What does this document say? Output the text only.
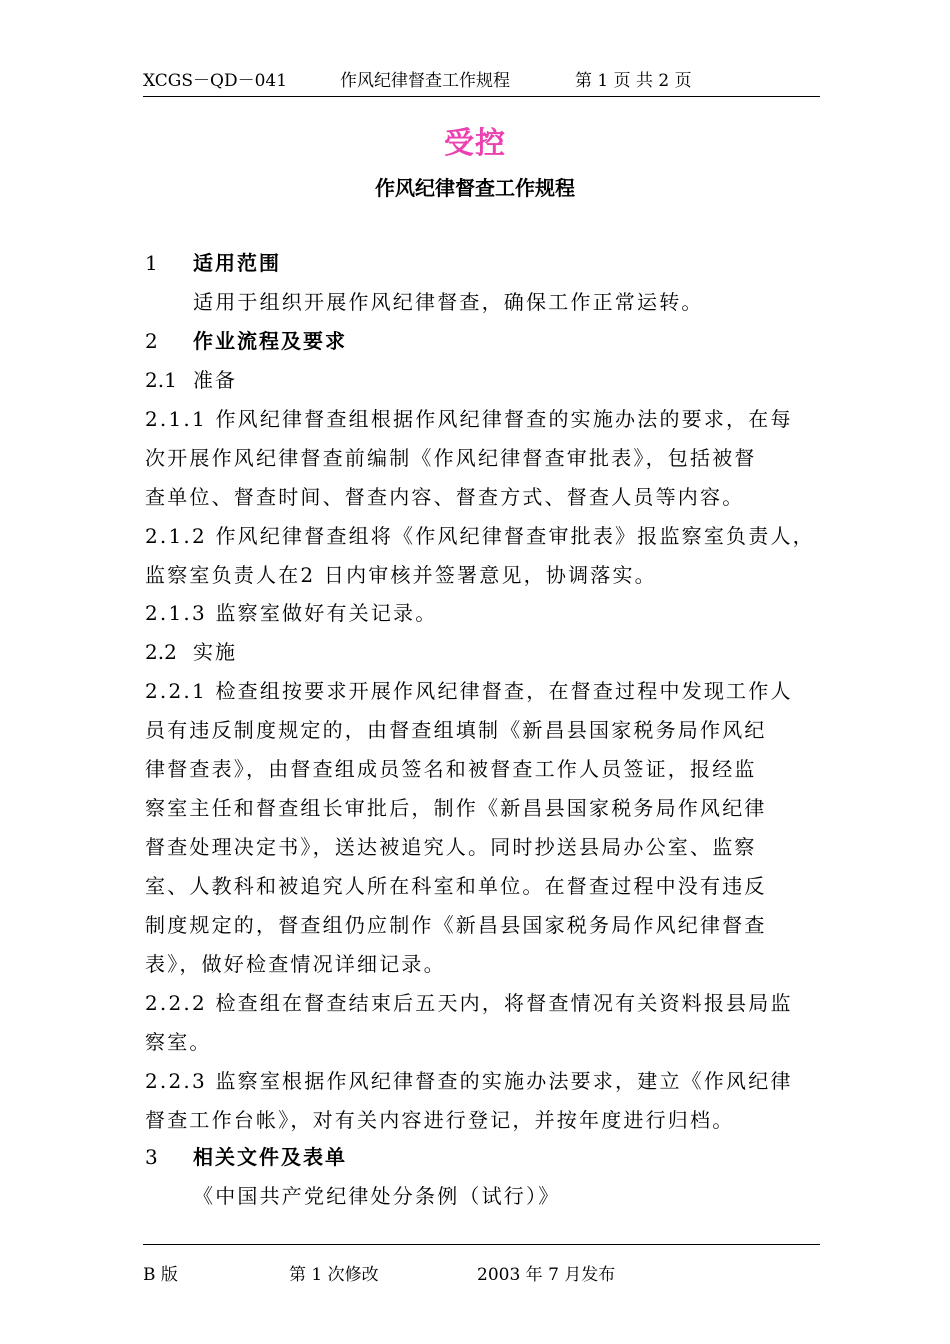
XCGS－QD－041	作风纪律督查工作规程	第 1 页 共 2 页
受控
作风纪律督查工作规程
1 适用范围
适用于组织开展作风纪律督查，确保工作正常运转。
2 作业流程及要求
2.1 准备
2.1.1 作风纪律督查组根据作风纪律督查的实施办法的要求，在每
次开展作风纪律督查前编制《作风纪律督查审批表》，包括被督
查单位、督查时间、督查内容、督查方式、督查人员等内容。
2.1.2 作风纪律督查组将《作风纪律督查审批表》报监察室负责人，
监察室负责人在2 日内审核并签署意见，协调落实。
2.1.3 监察室做好有关记录。
2.2 实施
2.2.1 检查组按要求开展作风纪律督查，在督查过程中发现工作人
员有违反制度规定的，由督查组填制《新昌县国家税务局作风纪
律督查表》，由督查组成员签名和被督查工作人员签证，报经监
察室主任和督查组长审批后，制作《新昌县国家税务局作风纪律
督查处理决定书》，送达被追究人。同时抄送县局办公室、监察
室、人教科和被追究人所在科室和单位。在督查过程中没有违反
制度规定的，督查组仍应制作《新昌县国家税务局作风纪律督查
表》，做好检查情况详细记录。
2.2.2 检查组在督查结束后五天内，将督查情况有关资料报县局监
察室。
2.2.3 监察室根据作风纪律督查的实施办法要求，建立《作风纪律
督查工作台帐》，对有关内容进行登记，并按年度进行归档。
3 相关文件及表单
《中国共产党纪律处分条例（试行）》
B 版	第 1 次修改	2003 年 7 月发布
